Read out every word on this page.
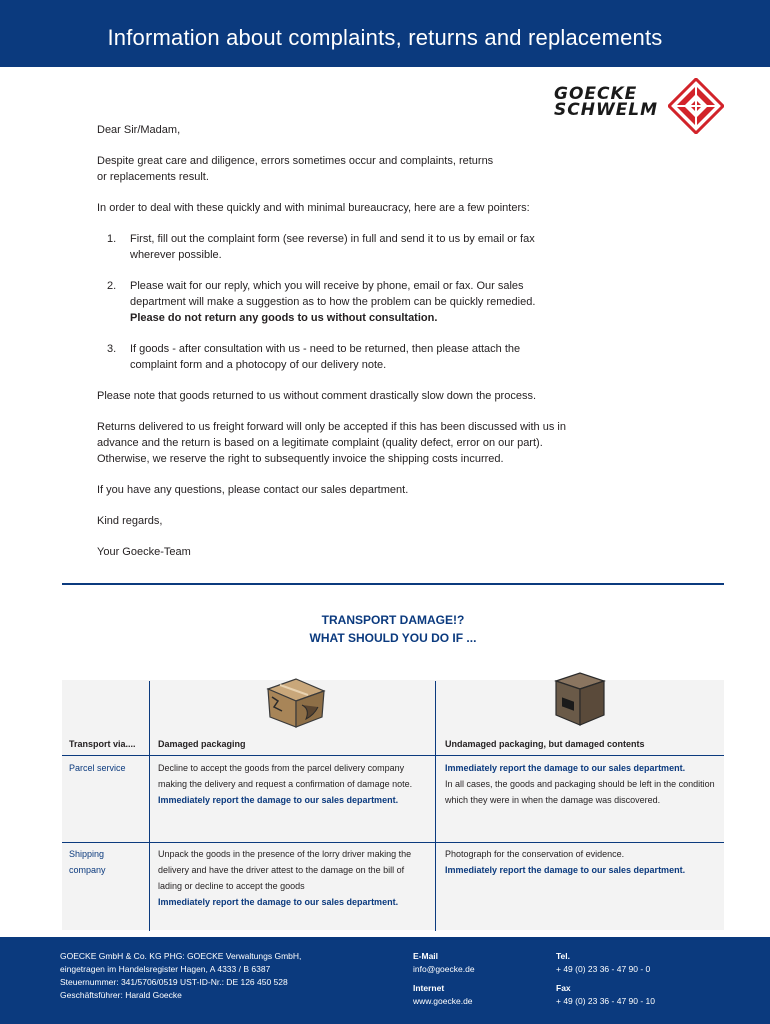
Information about complaints, returns and replacements
GOECKE
SCHWELM

Dear Sir/Madam,

Despite great care and diligence, errors sometimes occur and complaints, returns or replacements result.

In order to deal with these quickly and with minimal bureaucracy, here are a few pointers:

1. First, fill out the complaint form (see reverse) in full and send it to us by email or fax wherever possible.
2. Please wait for our reply, which you will receive by phone, email or fax. Our sales department will make a suggestion as to how the problem can be quickly remedied.
Please do not return any goods to us without consultation.
3. If goods - after consultation with us - need to be returned, then please attach the complaint form and a photocopy of our delivery note.

Please note that goods returned to us without comment drastically slow down the process.

Returns delivered to us freight forward will only be accepted if this has been discussed with us in advance and the return is based on a legitimate complaint (quality defect, error on our part). Otherwise, we reserve the right to subsequently invoice the shipping costs incurred.

If you have any questions, please contact our sales department.

Kind regards,

Your Goecke-Team

TRANSPORT DAMAGE!?
WHAT SHOULD YOU DO IF ...
Transport via.... Damaged packaging	Undamaged packaging, but damaged contents
Parcel service	Decline to accept the goods from the parcel delivery company making the delivery and request a confirmation of damage note.
Immediately report the damage to our sales department.
Immediately report the damage to our sales department.
In all cases, the goods and packaging should be left in the condition which they were in when the damage was discovered.
Shipping company
Unpack the goods in the presence of the lorry driver making the delivery and have the driver attest to the damage on the bill of lading or decline to accept the goods
Immediately report the damage to our sales department.
Photograph for the conservation of evidence.
Immediately report the damage to our sales department.
GOECKE GmbH & Co. KG PHG: GOECKE Verwaltungs GmbH,
eingetragen im Handelsregister Hagen, A 4333 / B 6387
Steuernummer: 341/5706/0519 UST-ID-Nr.: DE 126 450 528
Geschäftsführer: Harald Goecke
E-Mail
info@goecke.de
Internet
www.goecke.de
Tel.
+ 49 (0) 23 36 - 47 90 - 0
Fax
+ 49 (0) 23 36 - 47 90 - 10
